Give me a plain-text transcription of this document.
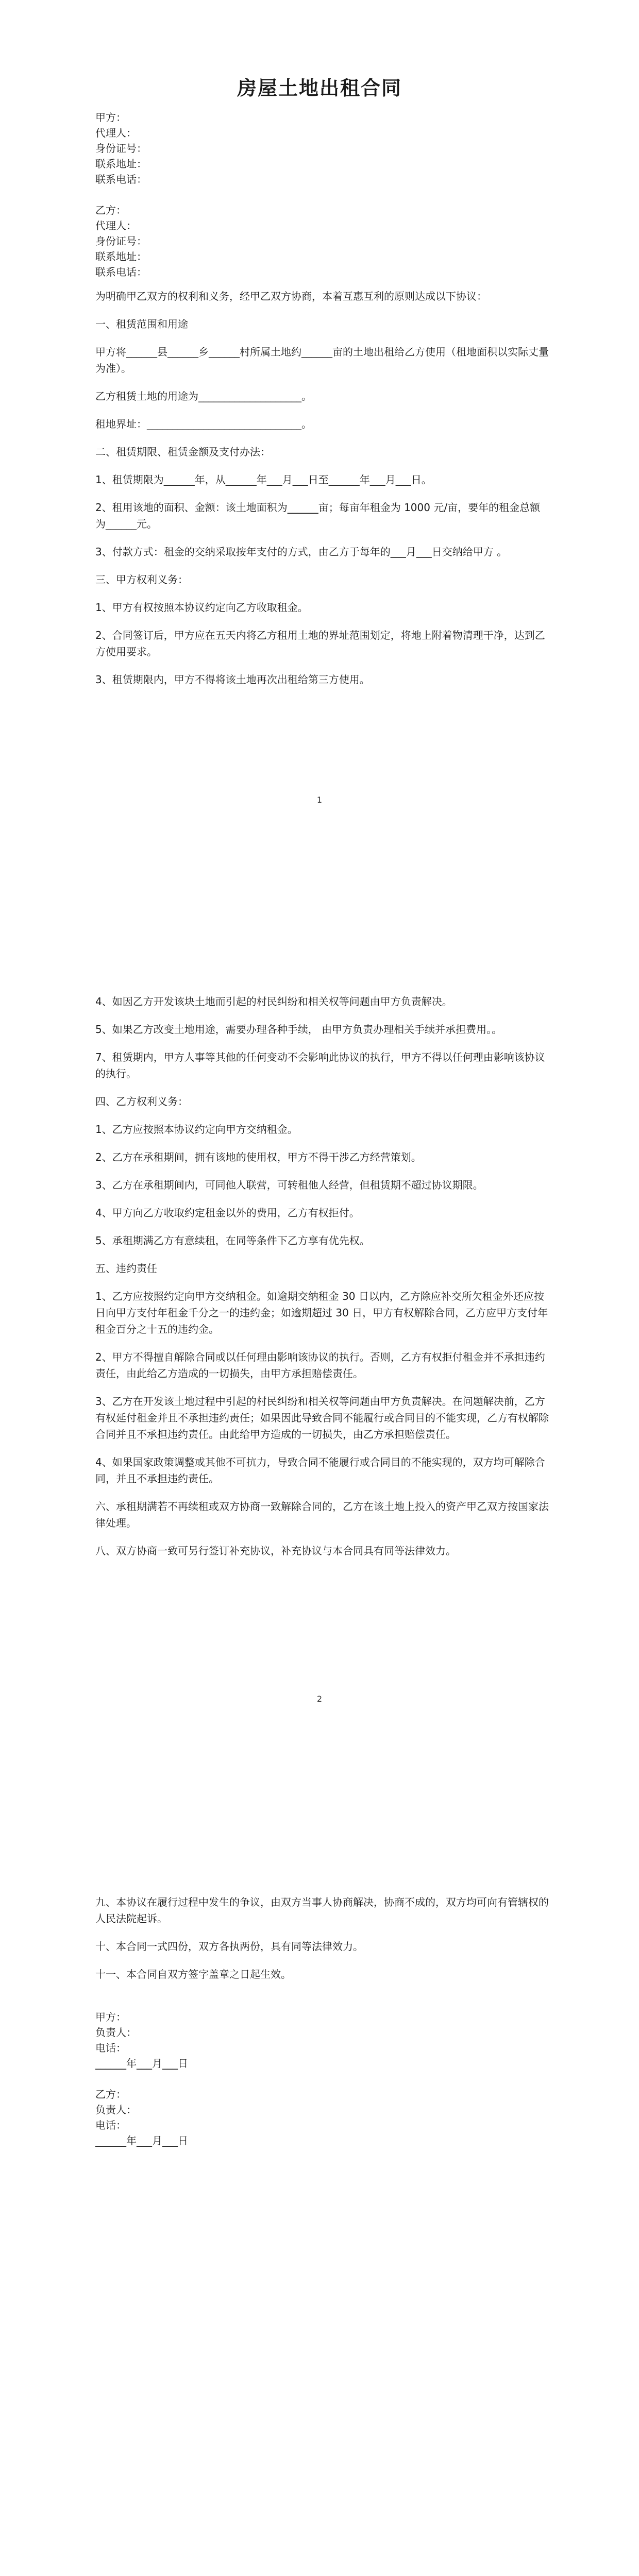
房屋土地出租合同

甲方：

代理人：

身份证号：

联系地址：

联系电话：

乙方：

代理人：

身份证号：

联系地址：

联系电话：

为明确甲乙双方的权利和义务，经甲乙双方协商，本着互惠互利的原则达成以下协议：

一、租赁范围和用途

甲方将______县______乡______村所属土地约______亩的土地出租给乙方使用（租地面积以实际丈量为准）。

乙方租赁土地的用途为____________________。

租地界址：______________________________。

二、租赁期限、租赁金额及支付办法：

1、租赁期限为______年，从______年___月___日至______年___月___日。

2、租用该地的面积、金额：该土地面积为______亩；每亩年租金为 1000 元/亩，要年的租金总额为______元。

3、付款方式：租金的交纳采取按年支付的方式，由乙方于每年的___月___日交纳给甲方 。

三、甲方权利义务：

1、甲方有权按照本协议约定向乙方收取租金。

2、合同签订后，甲方应在五天内将乙方租用土地的界址范围划定，将地上附着物清理干净，达到乙方使用要求。

3、租赁期限内，甲方不得将该土地再次出租给第三方使用。

1

4、如因乙方开发该块土地而引起的村民纠纷和相关权等问题由甲方负责解决。

5、如果乙方改变土地用途，需要办理各种手续， 由甲方负责办理相关手续并承担费用。。

7、租赁期内，甲方人事等其他的任何变动不会影响此协议的执行，甲方不得以任何理由影响该协议的执行。

四、乙方权利义务：

1、乙方应按照本协议约定向甲方交纳租金。

2、乙方在承租期间，拥有该地的使用权，甲方不得干涉乙方经营策划。

3、乙方在承租期间内，可同他人联营，可转租他人经营，但租赁期不超过协议期限。

4、甲方向乙方收取约定租金以外的费用，乙方有权拒付。

5、承租期满乙方有意续租，在同等条件下乙方享有优先权。

五、违约责任

1、乙方应按照约定向甲方交纳租金。如逾期交纳租金 30 日以内，乙方除应补交所欠租金外还应按日向甲方支付年租金千分之一的违约金；如逾期超过 30 日，甲方有权解除合同，乙方应甲方支付年租金百分之十五的违约金。

2、甲方不得擅自解除合同或以任何理由影响该协议的执行。否则，乙方有权拒付租金并不承担违约责任，由此给乙方造成的一切损失，由甲方承担赔偿责任。

3、乙方在开发该土地过程中引起的村民纠纷和相关权等问题由甲方负责解决。在问题解决前，乙方有权延付租金并且不承担违约责任；如果因此导致合同不能履行或合同目的不能实现，乙方有权解除合同并且不承担违约责任。由此给甲方造成的一切损失，由乙方承担赔偿责任。

4、如果国家政策调整或其他不可抗力，导致合同不能履行或合同目的不能实现的，双方均可解除合同，并且不承担违约责任。

六、承租期满若不再续租或双方协商一致解除合同的，乙方在该土地上投入的资产甲乙双方按国家法律处理。

八、双方协商一致可另行签订补充协议，补充协议与本合同具有同等法律效力。

2

九、本协议在履行过程中发生的争议，由双方当事人协商解决，协商不成的，双方均可向有管辖权的人民法院起诉。

十、本合同一式四份，双方各执两份，具有同等法律效力。

十一、本合同自双方签字盖章之日起生效。

甲方：

负责人：

电话：

______年___月___日

乙方：

负责人：

电话：

______年___月___日
